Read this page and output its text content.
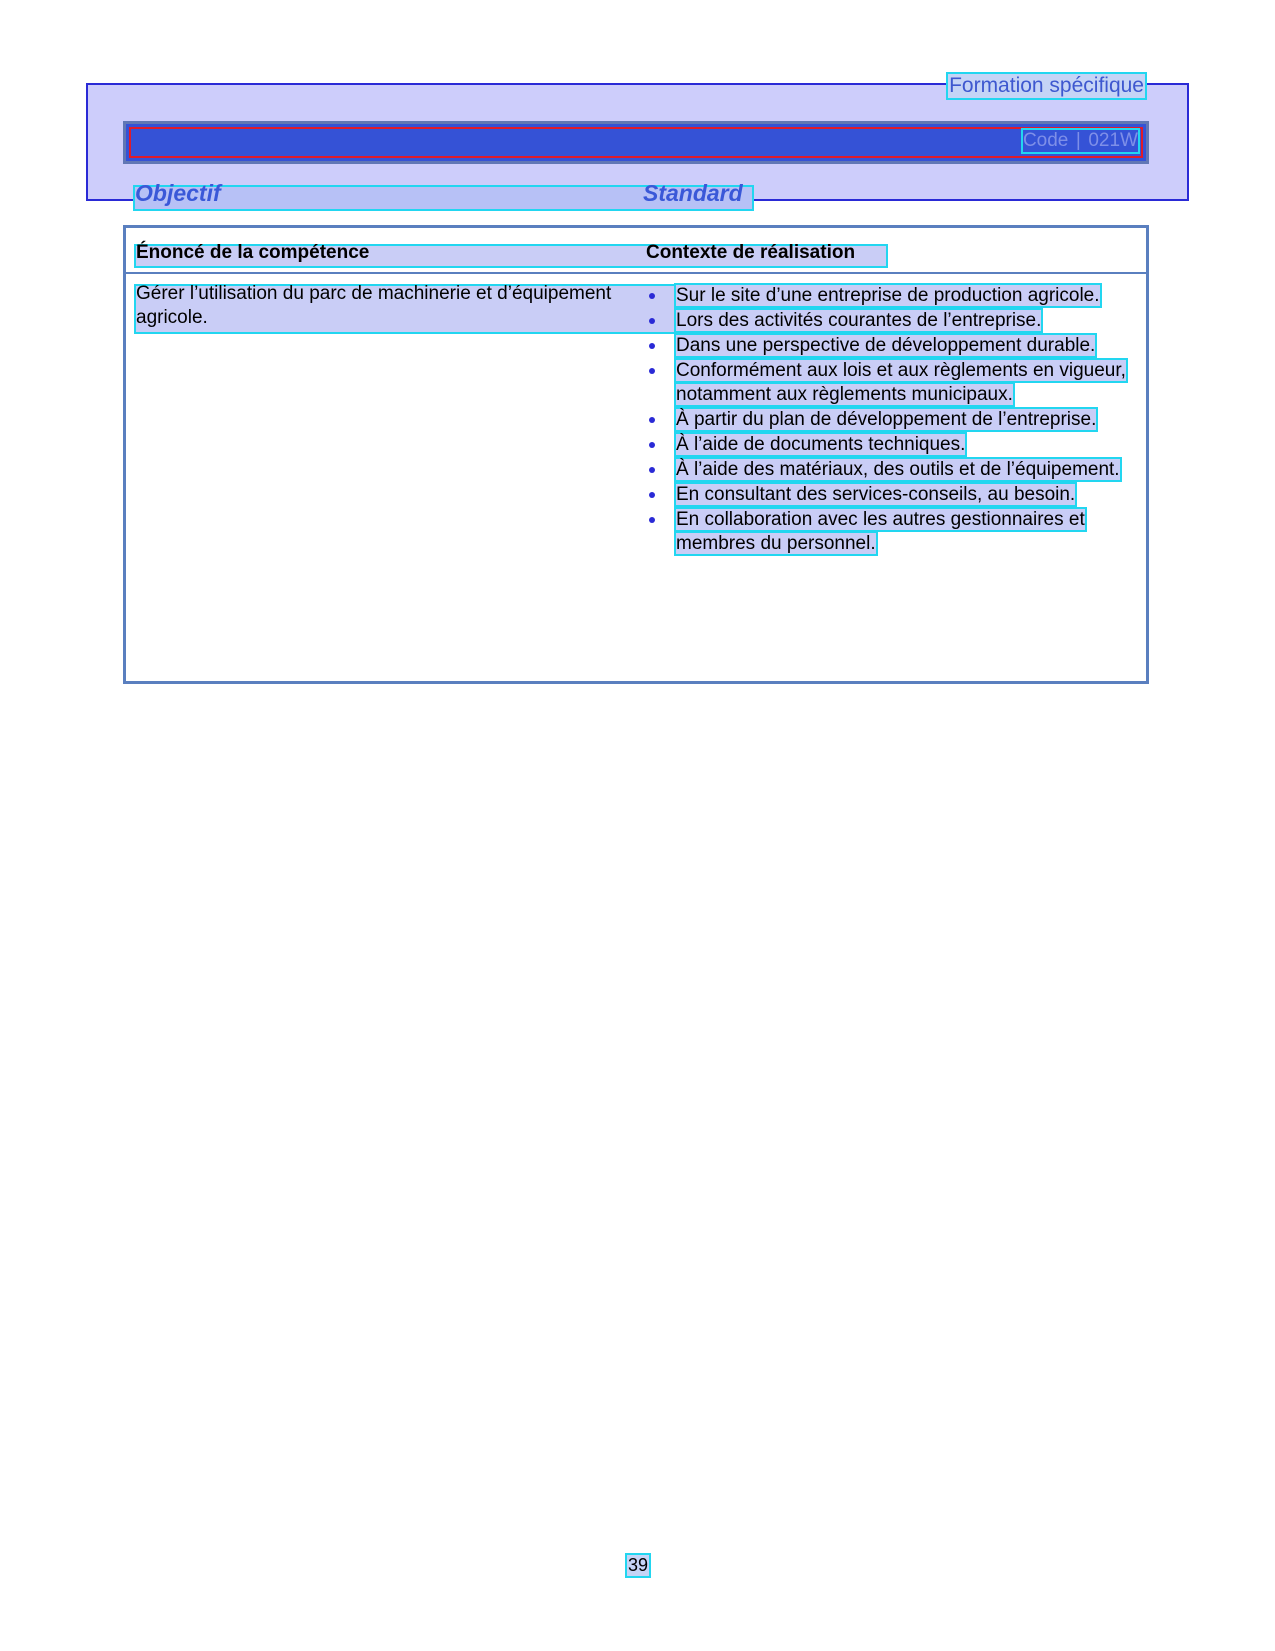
Formation spécifique
Code | 021W
Objectif	Standard
Énoncé de la compétence	Contexte de réalisation
Gérer l’utilisation du parc de machinerie et d’équipement agricole.
Sur le site d’une entreprise de production agricole.
Lors des activités courantes de l’entreprise.
Dans une perspective de développement durable.
Conformément aux lois et aux règlements en vigueur, notamment aux règlements municipaux.
À partir du plan de développement de l’entreprise.
À l’aide de documents techniques.
À l’aide des matériaux, des outils et de l’équipement.
En consultant des services-conseils, au besoin.
En collaboration avec les autres gestionnaires et membres du personnel.
39
